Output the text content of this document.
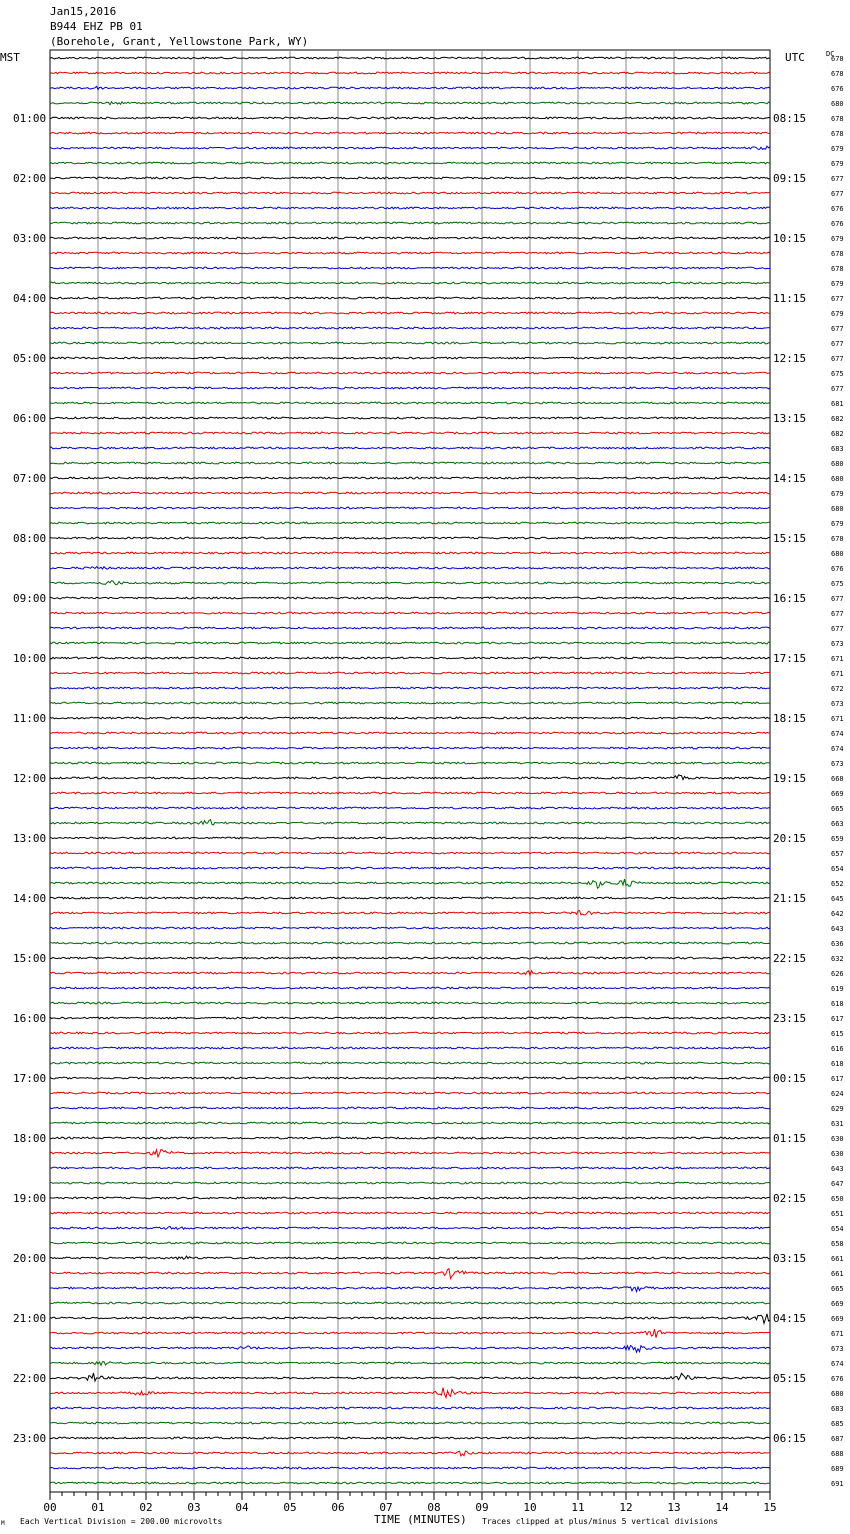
Jan15,2016
B944 EHZ PB 01
(Borehole, Grant, Yellowstone Park, WY)
MST	UTC	DC
M Each Vertical Division = 200.00 microvolts	TIME (MINUTES) Traces clipped at plus/minus 5 vertical divisions
678
678
676
680
678
678
679
679
677
677
676
676
679
678
678
679
677
679
677
677
677
675
677
681
682
682
683
680
680
679
680
679
678
680
676
675
677
677
677
673
671
671
672
673
671
674
674
673
668
669
665
663
659
657
654
652
645
642
643
636
632
626
619
618
617
615
616
618
617
624
629
631
630
630
643
647
650
651
654
658
661
661
665
669
669
671
673
674
676
680
683
685
687
688
689
691
01:00	08:15
02:00	09:15
03:00	10:15
04:00	11:15
05:00	12:15
06:00	13:15
07:00	14:15
08:00	15:15
09:00	16:15
10:00	17:15
11:00	18:15
12:00	19:15
13:00	20:15
14:00	21:15
15:00	22:15
16:00	23:15
17:00	00:15
18:00	01:15
19:00	02:15
20:00	03:15
21:00	04:15
22:00	05:15
23:00	06:15
00	01	02	03	04	05	06	07	08	09	10	11	12	13	14	15
